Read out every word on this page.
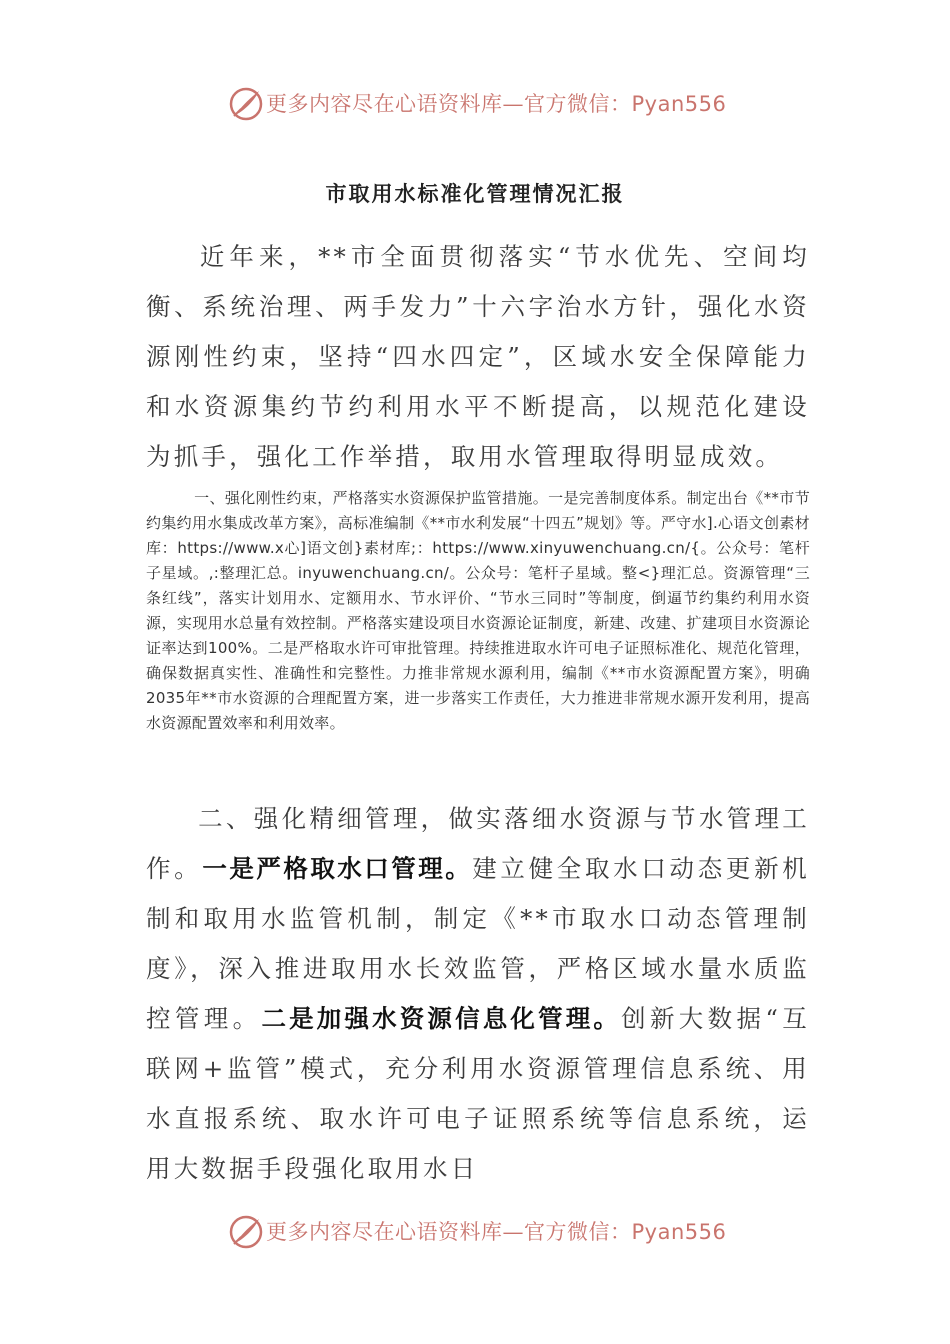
更多内容尽在心语资料库—官方微信：Pyan556
市取用水标准化管理情况汇报

近年来，**市全面贯彻落实“节水优先、空间均衡、系统治理、两手发力”十六字治水方针，强化水资源刚性约束，坚持“四水四定”，区域水安全保障能力和水资源集约节约利用水平不断提高，以规范化建设为抓手，强化工作举措，取用水管理取得明显成效。

一、强化刚性约束，严格落实水资源保护监管措施。一是完善制度体系。制定出台《**市节约集约用水集成改革方案》，高标准编制《**市水利发展“十四五”规划》等。严守水].心语文创素材库：https://www.x心]语文创}素材库;：https://www.xinyuwenchuang.cn/{。公众号：笔杆子星域。,:整理汇总。inyuwenchuang.cn/。公众号：笔杆子星域。整<}理汇总。资源管理“三条红线”，落实计划用水、定额用水、节水评价、“节水三同时”等制度，倒逼节约集约利用水资源，实现用水总量有效控制。严格落实建设项目水资源论证制度，新建、改建、扩建项目水资源论证率达到100%。二是严格取水许可审批管理。持续推进取水许可电子证照标准化、规范化管理，确保数据真实性、准确性和完整性。力推非常规水源利用，编制《**市水资源配置方案》，明确2035年**市水资源的合理配置方案，进一步落实工作责任，大力推进非常规水源开发利用，提高水资源配置效率和利用效率。

二、强化精细管理，做实落细水资源与节水管理工作。一是严格取水口管理。建立健全取水口动态更新机制和取用水监管机制，制定《**市取水口动态管理制度》，深入推进取用水长效监管，严格区域水量水质监控管理。二是加强水资源信息化管理。创新大数据“互联网+监管”模式，充分利用水资源管理信息系统、用水直报系统、取水许可电子证照系统等信息系统，运用大数据手段强化取用水日

更多内容尽在心语资料库—官方微信：Pyan556
